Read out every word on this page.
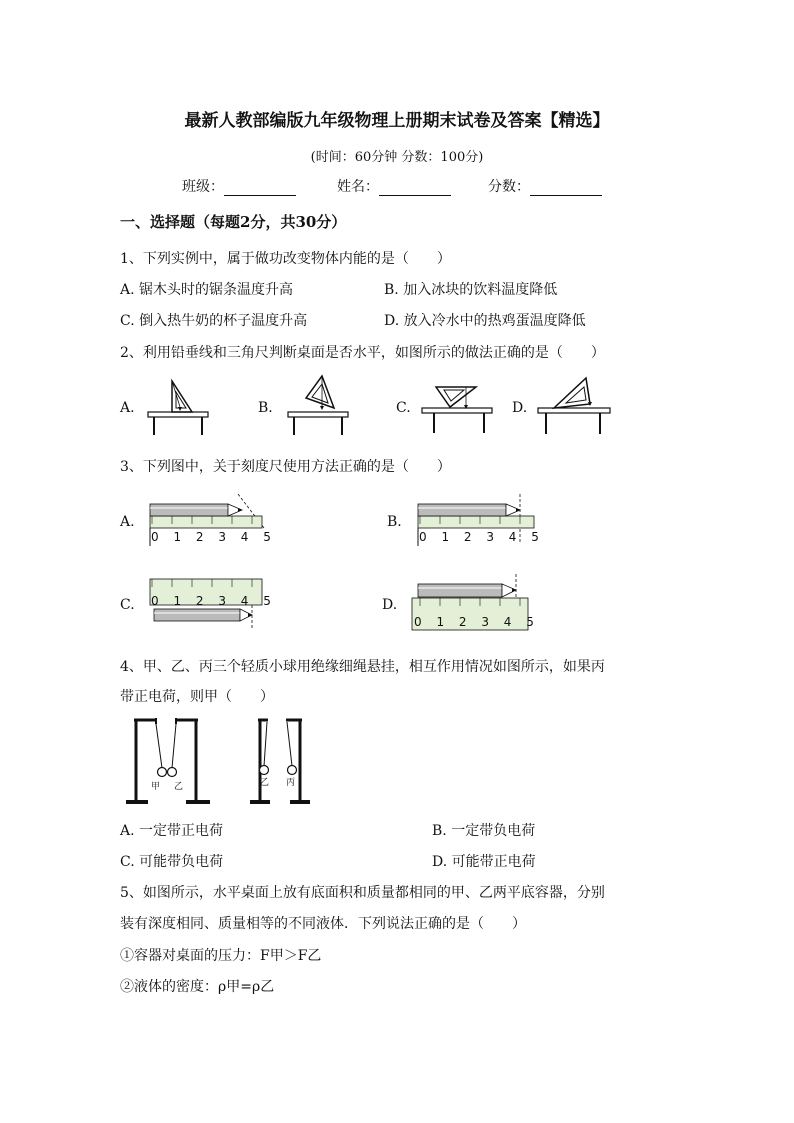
最新人教部编版九年级物理上册期末试卷及答案【精选】
(时间：60分钟 分数：100分)
班级：	姓名：	分数：
一、选择题（每题2分，共30分）
1、下列实例中，属于做功改变物体内能的是（　　）
A. 锯木头时的锯条温度升高	B. 加入冰块的饮料温度降低
C. 倒入热牛奶的杯子温度升高	D. 放入冷水中的热鸡蛋温度降低
2、利用铅垂线和三角尺判断桌面是否水平，如图所示的做法正确的是（　　）
A.	B.	C.	D.
3、下列图中，关于刻度尺使用方法正确的是（　　）
A.	B.
C.	D.
0 1 2 3 4 5	0 1 2 3 4 5
0 1 2 3 4 5
0 1 2 3 4 5
4、甲、乙、丙三个轻质小球用绝缘细绳悬挂，相互作用情况如图所示，如果丙
带正电荷，则甲（　　）
甲 乙	乙 丙
A. 一定带正电荷	B. 一定带负电荷
C. 可能带负电荷	D. 可能带正电荷
5、如图所示，水平桌面上放有底面积和质量都相同的甲、乙两平底容器，分别
装有深度相同、质量相等的不同液体．下列说法正确的是（　　）
①容器对桌面的压力：F甲＞F乙
②液体的密度：ρ甲=ρ乙
